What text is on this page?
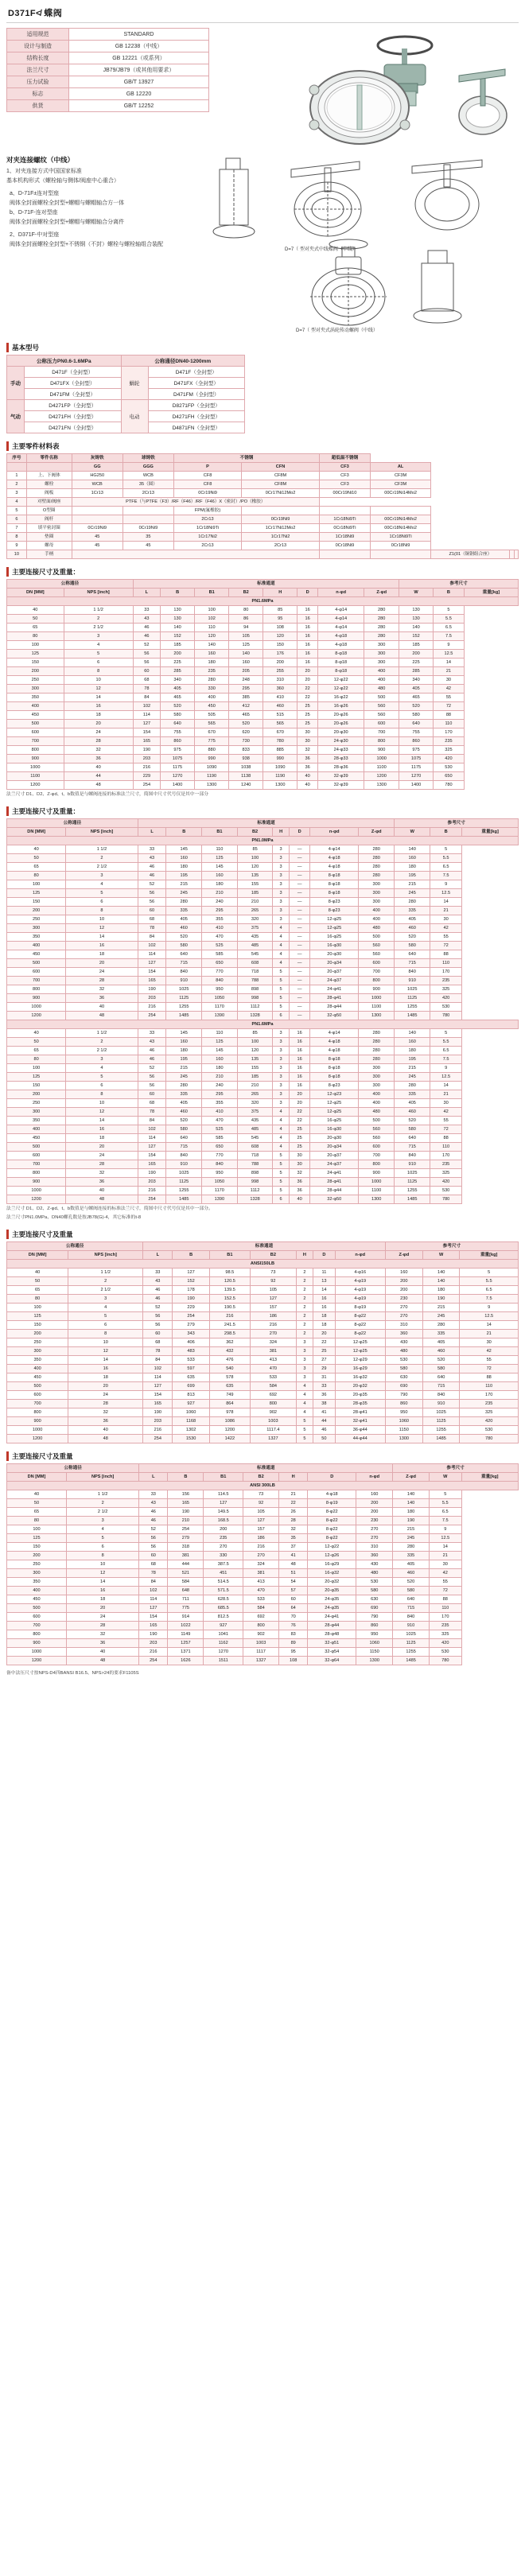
D371F≮ 蝶阀
适用规范	STANDARD
设计与制造	GB 12238（中线）
结构长度	GB 12221（或系列）
法兰尺寸	JB79/JB79（或其他用要求）
压力试验	GB/T 13927
标志	GB 12220
供货	GB/T 12252
对夹连接螺纹（中线）
1、对夹连接方式中国国家标准
基本机构形式（螺栓轴与侧体/阀座中心重合）
a、D-71F±连对型座
阀体全封面螺栓全封型+螺帽与螺帽轴合方一体
b、D-71F-连对型座
阀体全封面螺栓全封型+螺帽与螺帽轴合分离件
2、D371F-中对型座
阀体全封面螺栓全封型+不锈钢（不封）螺栓与螺栓轴组合装配
D=7（ 型对夹式中线蝶阀（中线）
D=7（ 型对夹式涡轮传动螺阀（中线）
基本型号
公称压力PN0.6-1.6MPa		公称通径DN40-1200mm	
手动	D471F（全封型）	蜗轮	D471F（全封型）
	D471FX（全封型）		D471FX（全封型）
	D471FM（全封型）		D471FM（全封型）
气动	D4271FP（全封型）	电动	D8271FP（全封型）
	D4271FH（全封型）		D4271FH（全封型）
	D4271FN（全封型）		D4871FN（全封型）
主要零件材料表
序号	零件名称	灰铸铁	球铸铁	不锈钢		超低温不锈钢				
		GG	GGG	P	CFN	CF3	AL			
1	上、下阀体	HG250	WCB	CF8	CF8M	CF3	CF3M			
2	螺栓	WCB	35（圆）	CF8	CF8M	CF3	CF3M			
3	阀板	1Cr13	2Cr13	0Cr19Ni9	0Cr17Ni12Mo2	00Cr19Ni10	00Cr19Ni14Mo2			
4	对壁面/阀座	PTFE（与PTFE（F3）/RF（F46）/RF（F46）X（密封）/PO（橡胶）								
5	O型圈			FPM(氟橡胶)						
6	阀杆			2Cr13	0Cr19Ni9	1Cr18Ni9Ti	00Cr19Ni14Mo2			
7	填平密封圈	0Cr19Ni9	0Cr19Ni9	1Cr18Ni9Ti	1Cr17Ni12Mo2	0Cr18Ni9Ti	00Cr18Ni14Mo2			
8	垫圈	45	35	1Cr17Ni2	1Cr17Ni2	1Cr18Ni9	1Cr18Ni9Ti			
9	螺母	45	45	2Cr13	2Cr13	0Cr18Ni9	0Cr18Ni9			
10	手柄							Z1(01（铜钢组合座）		
主要连接尺寸及重量：
公称通径		标准通道								参考尺寸		
DN [MM]	NPS [inch]	L	B	B1	B2	H	D	n-φd	Z-φd	W	B	重量[kg]
PN1.6MPa												
40	1 1/2	33	130	100	80	85	16	4-φ14	280	130	5	
50	2	43	130	102	86	95	16	4-φ14	280	130	5.5	
65	2 1/2	46	140	110	94	108	16	4-φ14	280	140	6.5	
80	3	46	152	120	105	120	16	4-φ18	280	152	7.5	
100	4	52	185	140	125	150	16	4-φ18	300	185	9	
125	5	56	200	160	140	176	16	8-φ18	300	200	12.5	
150	6	56	225	180	160	200	16	8-φ18	300	225	14	
200	8	60	285	235	205	255	20	8-φ18	400	285	21	
250	10	68	340	280	248	310	20	12-φ22	400	340	30	
300	12	78	405	330	295	360	22	12-φ22	480	405	42	
350	14	84	465	400	385	410	22	16-φ22	500	465	55	
400	16	102	520	450	412	460	25	16-φ26	560	520	72	
450	18	114	580	505	465	515	25	20-φ26	560	580	88	
500	20	127	640	565	520	565	25	20-φ26	600	640	110	
600	24	154	755	670	620	670	30	20-φ30	700	755	170	
700	28	165	860	775	730	780	30	24-φ30	800	860	235	
800	32	190	975	880	833	885	32	24-φ33	900	975	325	
900	36	203	1075	990	938	990	36	28-φ33	1000	1075	420	
1000	40	216	1175	1090	1038	1090	36	28-φ36	1100	1175	530	
1100	44	229	1270	1190	1138	1190	40	32-φ39	1200	1270	650	
1200	48	254	1400	1300	1240	1300	40	32-φ39	1300	1400	780	
法兰尺寸 D1、D2、Z-φd、t、b数值是与螺阀连接的标准法兰尺寸，简图中尺寸代号仅是其中一部分
主要连接尺寸及重量：
公称通径		标准通道								参考尺寸		
DN [MM]	NPS [inch]	L	B	B1	B2	H	D	n-φd	Z-φd	W	B	重量[kg]
PN1.0MPa												
40	1 1/2	33	145	110	85	3	—	4-φ14	280	140	5	
50	2	43	160	125	100	3	—	4-φ18	280	160	5.5	
65	2 1/2	46	180	145	120	3	—	4-φ18	280	180	6.5	
80	3	46	195	160	135	3	—	8-φ18	280	195	7.5	
100	4	52	215	180	155	3	—	8-φ18	300	215	9	
125	5	56	245	210	185	3	—	8-φ18	300	245	12.5	
150	6	56	280	240	210	3	—	8-φ23	300	280	14	
200	8	60	335	295	265	3	—	8-φ23	400	335	21	
250	10	68	405	355	320	3	—	12-φ25	400	405	30	
300	12	78	460	410	375	4	—	12-φ25	480	460	42	
350	14	84	520	470	435	4	—	16-φ25	500	520	55	
400	16	102	580	525	485	4	—	16-φ30	560	580	72	
450	18	114	640	585	545	4	—	20-φ30	560	640	88	
500	20	127	715	650	608	4	—	20-φ34	600	715	110	
600	24	154	840	770	718	5	—	20-φ37	700	840	170	
700	28	165	910	840	788	5	—	24-φ37	800	910	235	
800	32	190	1025	950	898	5	—	24-φ41	900	1025	325	
900	36	203	1125	1050	998	5	—	28-φ41	1000	1125	420	
1000	40	216	1255	1170	1112	5	—	28-φ44	1100	1255	530	
1200	48	254	1485	1390	1328	6	—	32-φ50	1300	1485	780	
PN1.6MPa												
40	1 1/2	33	145	110	85	3	16	4-φ14	280	140	5	
50	2	43	160	125	100	3	16	4-φ18	280	160	5.5	
65	2 1/2	46	180	145	120	3	16	4-φ18	280	180	6.5	
80	3	46	195	160	135	3	16	8-φ18	280	195	7.5	
100	4	52	215	180	155	3	16	8-φ18	300	215	9	
125	5	56	245	210	185	3	16	8-φ18	300	245	12.5	
150	6	56	280	240	210	3	16	8-φ23	300	280	14	
200	8	60	335	295	265	3	20	12-φ23	400	335	21	
250	10	68	405	355	320	3	20	12-φ25	400	405	30	
300	12	78	460	410	375	4	22	12-φ25	480	460	42	
350	14	84	520	470	435	4	22	16-φ25	500	520	55	
400	16	102	580	525	485	4	25	16-φ30	560	580	72	
450	18	114	640	585	545	4	25	20-φ30	560	640	88	
500	20	127	715	650	608	4	25	20-φ34	600	715	110	
600	24	154	840	770	718	5	30	20-φ37	700	840	170	
700	28	165	910	840	788	5	30	24-φ37	800	910	235	
800	32	190	1025	950	898	5	32	24-φ41	900	1025	325	
900	36	203	1125	1050	998	5	36	28-φ41	1000	1125	420	
1000	40	216	1255	1170	1112	5	36	28-φ44	1100	1255	530	
1200	48	254	1485	1390	1328	6	40	32-φ50	1300	1485	780	
法兰尺寸 D1、D2、Z-φd、t、b数值是与螺阀连接的标准法兰尺寸，简图中尺寸代号仅是其中一部分。
法兰尺寸PN1.0MPa、DN40螺孔数是按JB78(G)-4，其它标准的t-8
主要连接尺寸及重量
公称通径		标准通道							参考尺寸		
DN [MM]	NPS [inch]	L	B	B1	B2	H	D	n-φd	Z-φd	W	重量[kg]
ANSI150LB											
40	1 1/2	33	127	98.5	73	2	11	4-φ16	160	140	5
50	2	43	152	120.5	92	2	13	4-φ19	200	140	5.5
65	2 1/2	46	178	139.5	105	2	14	4-φ19	200	180	6.5
80	3	46	190	152.5	127	2	16	4-φ19	230	190	7.5
100	4	52	229	190.5	157	2	16	8-φ19	270	215	9
125	5	56	254	216	186	2	18	8-φ22	270	245	12.5
150	6	56	279	241.5	216	2	18	8-φ22	310	280	14
200	8	60	343	298.5	270	2	20	8-φ22	360	335	21
250	10	68	406	362	324	3	22	12-φ25	430	405	30
300	12	78	483	432	381	3	25	12-φ25	480	460	42
350	14	84	533	476	413	3	27	12-φ29	530	520	55
400	16	102	597	540	470	3	29	16-φ29	580	580	72
450	18	114	635	578	533	3	31	16-φ32	630	640	88
500	20	127	699	635	584	4	33	20-φ32	690	715	110
600	24	154	813	749	692	4	36	20-φ35	790	840	170
700	28	165	927	864	800	4	38	28-φ35	860	910	235
800	32	190	1060	978	902	4	41	28-φ41	950	1025	325
900	36	203	1168	1086	1003	5	44	32-φ41	1060	1125	420
1000	40	216	1302	1200	1117.4	5	46	36-φ44	1150	1255	530
1200	48	254	1530	1422	1327	5	50	44-φ44	1300	1485	780
主要连接尺寸及重量
公称通径		标准通道							参考尺寸		
DN [MM]	NPS [inch]	L	B	B1	B2	H	D	n-φd	Z-φd	W	重量[kg]
ANSI 300LB											
40	1 1/2	33	156	114.5	73	21	4-φ18	160	140	5	
50	2	43	165	127	92	22	8-φ19	200	140	5.5	
65	2 1/2	46	190	149.5	105	26	8-φ22	200	180	6.5	
80	3	46	210	168.5	127	28	8-φ22	230	190	7.5	
100	4	52	254	200	157	32	8-φ22	270	215	9	
125	5	56	279	235	186	35	8-φ22	270	245	12.5	
150	6	56	318	270	216	37	12-φ22	310	280	14	
200	8	60	381	330	270	41	12-φ26	360	335	21	
250	10	68	444	387.5	324	48	16-φ29	430	405	30	
300	12	78	521	451	381	51	16-φ32	480	460	42	
350	14	84	584	514.5	413	54	20-φ32	530	520	55	
400	16	102	648	571.5	470	57	20-φ35	580	580	72	
450	18	114	711	628.5	533	60	24-φ35	630	640	88	
500	20	127	775	685.5	584	64	24-φ35	690	715	110	
600	24	154	914	812.5	692	70	24-φ41	790	840	170	
700	28	165	1022	927	800	76	28-φ44	860	910	235	
800	32	190	1149	1041	902	83	28-φ48	950	1025	325	
900	36	203	1257	1162	1003	89	32-φ51	1060	1125	420	
1000	40	216	1371	1270	1117	95	32-φ54	1150	1255	530	
1200	48	254	1626	1511	1327	108	32-φ64	1300	1485	780	
备中法压尺寸按NPS-D4四BANSI B16.5、NPS>24的要求F1105S
